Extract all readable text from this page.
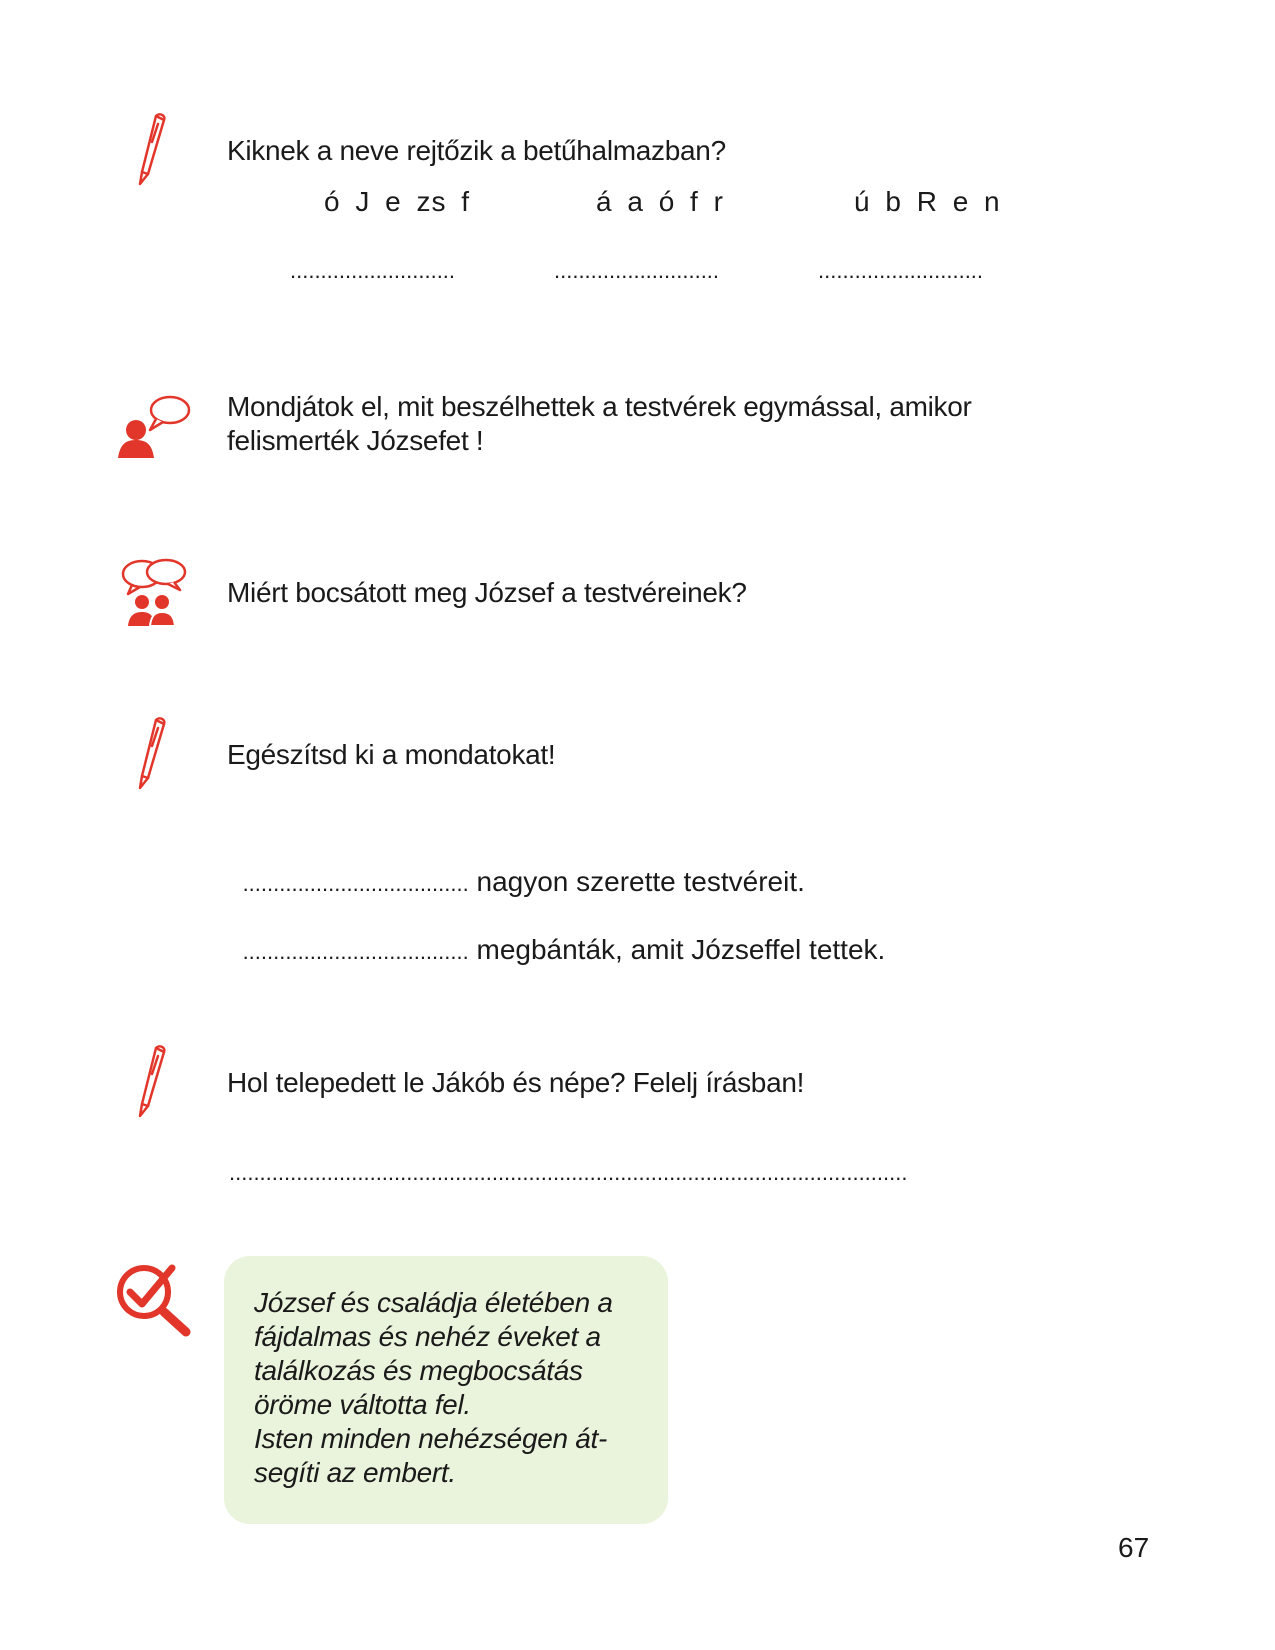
Kiknek a neve rejtőzik a betűhalmazban?
ó J e zs f	á a ó f r	ú b R e n
...........................	...........................	...........................
Mondjátok el, mit beszélhettek a testvérek egymással, amikor
felismerték Józsefet !
Miért bocsátott meg József a testvéreinek?
Egészítsd ki a mondatokat!

..................................... nagyon szerette testvéreit.

..................................... megbánták, amit Józseffel tettek.

Hol telepedett le Jákób és népe? Felelj írásban!
...............................................................................................................
József és családja életében a
fájdalmas és nehéz éveket a
találkozás és megbocsátás
öröme váltotta fel.
Isten minden nehézségen át-
segíti az embert.
67
